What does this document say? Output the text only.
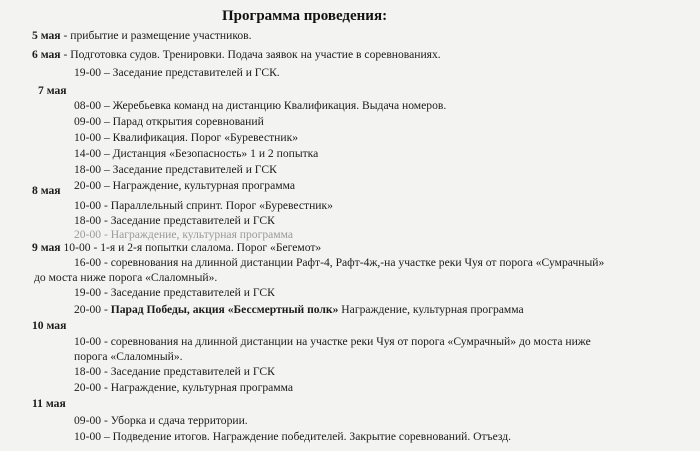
Программа проведения:
5 мая - прибытие и размещение участников.
6 мая - Подготовка судов. Тренировки. Подача заявок на участие в соревнованиях.
19-00 – Заседание представителей и ГСК.
7 мая
08-00 – Жеребьевка команд на дистанцию Квалификация. Выдача номеров.
09-00 – Парад открытия соревнований
10-00 – Квалификация. Порог «Буревестник»
14-00 – Дистанция «Безопасность» 1 и 2 попытка
18-00 – Заседание представителей и ГСК
20-00 – Награждение, культурная программа
8 мая
10-00 - Параллельный спринт. Порог «Буревестник»
18-00 - Заседание представителей и ГСК
20-00 - Награждение, культурная программа
9 мая 10-00 - 1-я и 2-я попытки слалома. Порог «Бегемот»
16-00 - соревнования на длинной дистанции Рафт-4, Рафт-4ж,-на участке реки Чуя от порога «Сумрачный»
до моста ниже порога «Слаломный».
19-00 - Заседание представителей и ГСК
20-00 - Парад Победы, акция «Бессмертный полк» Награждение, культурная программа
10 мая
10-00 - соревнования на длинной дистанции на участке реки Чуя от порога «Сумрачный» до моста ниже
порога «Слаломный».
18-00 - Заседание представителей и ГСК
20-00 - Награждение, культурная программа
11 мая
09-00 - Уборка и сдача территории.
10-00 – Подведение итогов. Награждение победителей. Закрытие соревнований. Отъезд.
